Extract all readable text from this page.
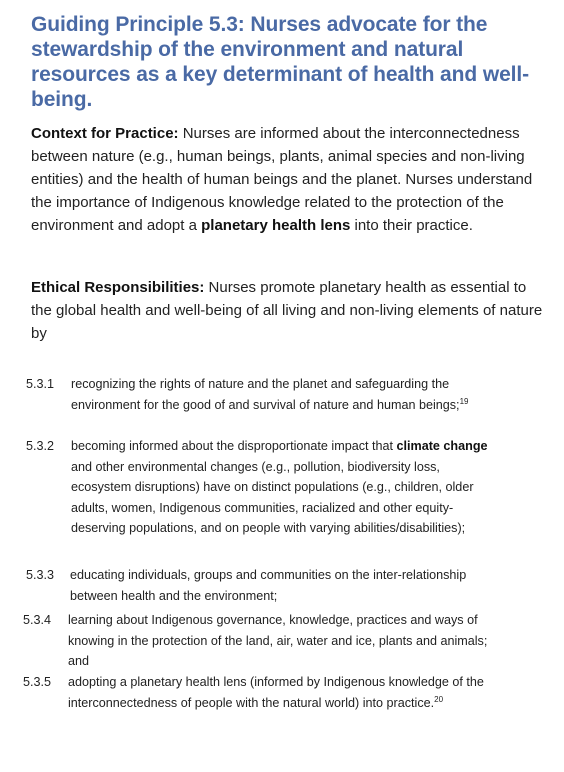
Guiding Principle 5.3: Nurses advocate for the stewardship of the environment and natural resources as a key determinant of health and well-being.

Context for Practice: Nurses are informed about the interconnectedness between nature (e.g., human beings, plants, animal species and non-living entities) and the health of human beings and the planet. Nurses understand the importance of Indigenous knowledge related to the protection of the environment and adopt a planetary health lens into their practice.

Ethical Responsibilities: Nurses promote planetary health as essential to the global health and well-being of all living and non-living elements of nature by

5.3.1 recognizing the rights of nature and the planet and safeguarding the environment for the good of and survival of nature and human beings;$^{19}$
5.3.2 becoming informed about the disproportionate impact that climate change and other environmental changes (e.g., pollution, biodiversity loss, ecosystem disruptions) have on distinct populations (e.g., children, older adults, women, Indigenous communities, racialized and other equity-deserving populations, and on people with varying abilities/disabilities);
5.3.3 educating individuals, groups and communities on the inter-relationship between health and the environment;
5.3.4 learning about Indigenous governance, knowledge, practices and ways of knowing in the protection of the land, air, water and ice, plants and animals; and
5.3.5 adopting a planetary health lens (informed by Indigenous knowledge of the interconnectedness of people with the natural world) into practice.$^{20}$
